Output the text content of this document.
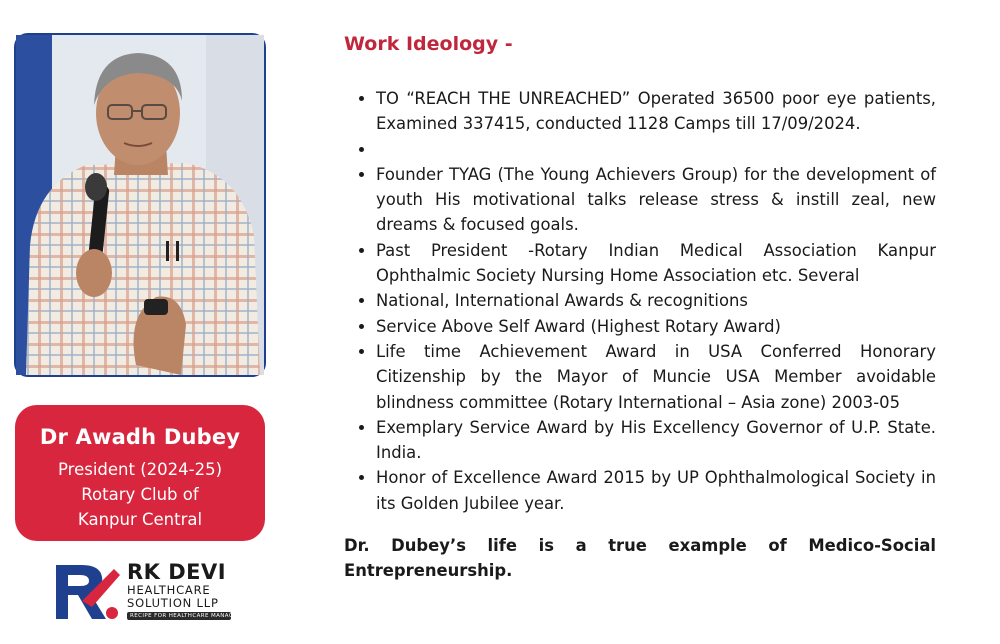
Dr Awadh Dubey
President (2024-25)
Rotary Club of
Kanpur Central
RK DEVI
HEALTHCARE
SOLUTION LLP
RECIPE FOR HEALTHCARE MANAGEMENT
Work Ideology -
• TO “REACH THE UNREACHED” Operated 36500 poor eye patients, Examined 337415, conducted 1128 Camps till 17/09/2024.
•
• Founder TYAG (The Young Achievers Group) for the development of youth His motivational talks release stress & instill zeal, new dreams & focused goals.
• Past President -Rotary Indian Medical Association Kanpur Ophthalmic Society Nursing Home Association etc. Several
• National, International Awards & recognitions
• Service Above Self Award (Highest Rotary Award)
• Life time Achievement Award in USA Conferred Honorary Citizenship by the Mayor of Muncie USA Member avoidable blindness committee (Rotary International – Asia zone) 2003-05
• Exemplary Service Award by His Excellency Governor of U.P. State. India.
• Honor of Excellence Award 2015 by UP Ophthalmological Society in its Golden Jubilee year.
Dr. Dubey’s life is a true example of Medico-Social Entrepreneurship.
